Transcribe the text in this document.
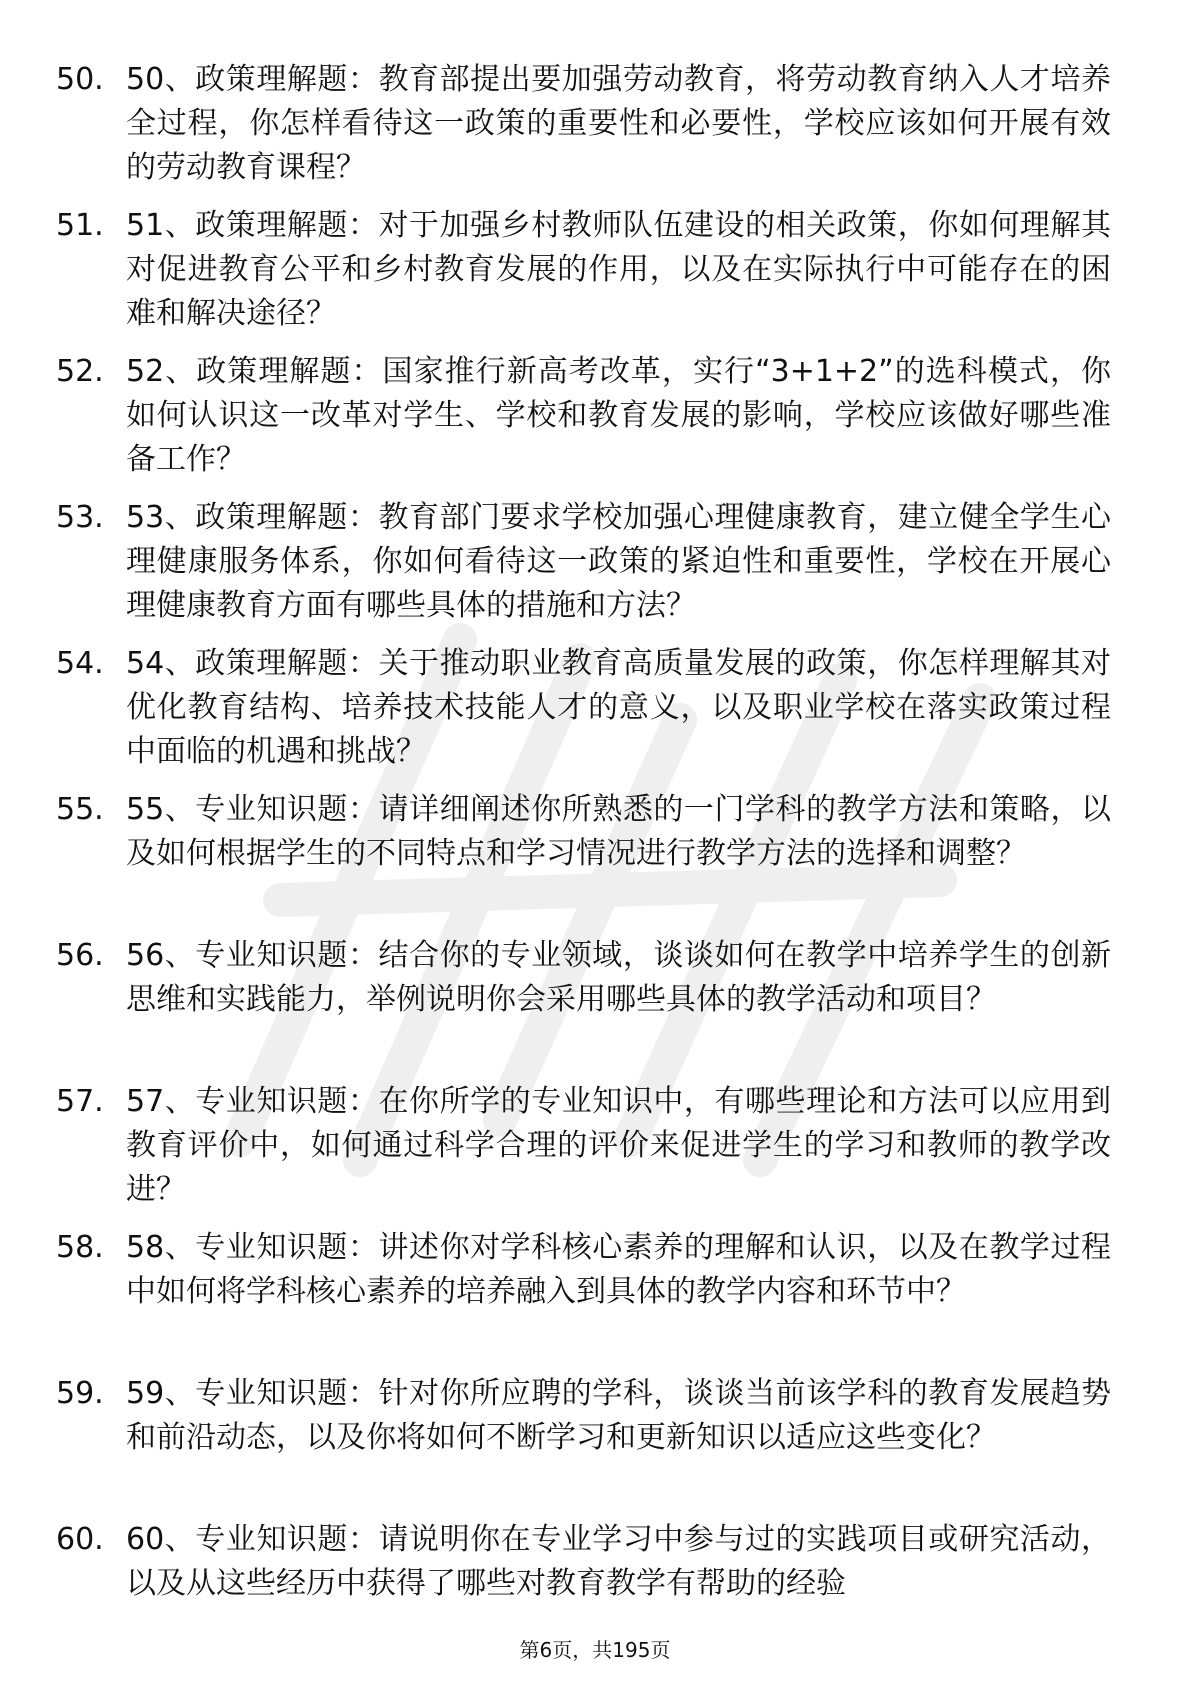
50. 50、政策理解题：教育部提出要加强劳动教育，将劳动教育纳入人才培养全过程，你怎样看待这一政策的重要性和必要性，学校应该如何开展有效的劳动教育课程？
51. 51、政策理解题：对于加强乡村教师队伍建设的相关政策，你如何理解其对促进教育公平和乡村教育发展的作用，以及在实际执行中可能存在的困难和解决途径？
52. 52、政策理解题：国家推行新高考改革，实行“3+1+2”的选科模式，你如何认识这一改革对学生、学校和教育发展的影响，学校应该做好哪些准备工作？
53. 53、政策理解题：教育部门要求学校加强心理健康教育，建立健全学生心理健康服务体系，你如何看待这一政策的紧迫性和重要性，学校在开展心理健康教育方面有哪些具体的措施和方法？
54. 54、政策理解题：关于推动职业教育高质量发展的政策，你怎样理解其对优化教育结构、培养技术技能人才的意义，以及职业学校在落实政策过程中面临的机遇和挑战？
55. 55、专业知识题：请详细阐述你所熟悉的一门学科的教学方法和策略，以及如何根据学生的不同特点和学习情况进行教学方法的选择和调整？
56. 56、专业知识题：结合你的专业领域，谈谈如何在教学中培养学生的创新思维和实践能力，举例说明你会采用哪些具体的教学活动和项目？
57. 57、专业知识题：在你所学的专业知识中，有哪些理论和方法可以应用到教育评价中，如何通过科学合理的评价来促进学生的学习和教师的教学改进？
58. 58、专业知识题：讲述你对学科核心素养的理解和认识，以及在教学过程中如何将学科核心素养的培养融入到具体的教学内容和环节中？
59. 59、专业知识题：针对你所应聘的学科，谈谈当前该学科的教育发展趋势和前沿动态，以及你将如何不断学习和更新知识以适应这些变化？
60. 60、专业知识题：请说明你在专业学习中参与过的实践项目或研究活动，以及从这些经历中获得了哪些对教育教学有帮助的经验
第6页，共195页
